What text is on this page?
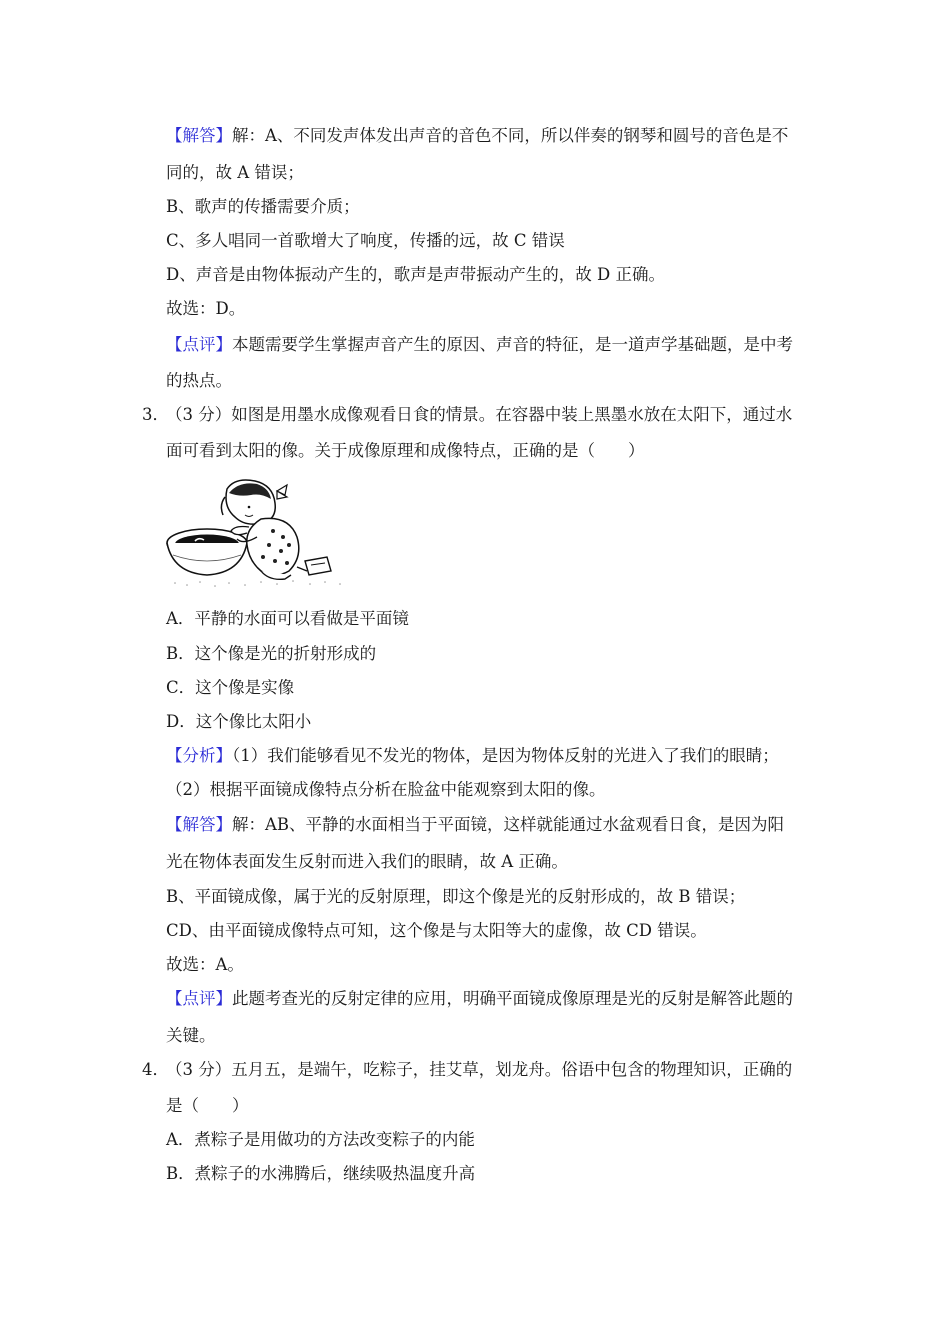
【解答】解：A、不同发声体发出声音的音色不同，所以伴奏的钢琴和圆号的音色是不
同的，故 A 错误；
B、歌声的传播需要介质；
C、多人唱同一首歌增大了响度，传播的远，故 C 错误
D、声音是由物体振动产生的，歌声是声带振动产生的，故 D 正确。
故选：D。
【点评】本题需要学生掌握声音产生的原因、声音的特征，是一道声学基础题，是中考
的热点。
3．
（3 分）如图是用墨水成像观看日食的情景。在容器中装上黑墨水放在太阳下，通过水
面可看到太阳的像。关于成像原理和成像特点，正确的是（　　）
A．平静的水面可以看做是平面镜
B．这个像是光的折射形成的
C．这个像是实像
D．这个像比太阳小
【分析】（1）我们能够看见不发光的物体，是因为物体反射的光进入了我们的眼睛；
（2）根据平面镜成像特点分析在脸盆中能观察到太阳的像。
【解答】解：AB、平静的水面相当于平面镜，这样就能通过水盆观看日食，是因为阳
光在物体表面发生反射而进入我们的眼睛，故 A 正确。
B、平面镜成像，属于光的反射原理，即这个像是光的反射形成的，故 B 错误；
CD、由平面镜成像特点可知，这个像是与太阳等大的虚像，故 CD 错误。
故选：A。
【点评】此题考查光的反射定律的应用，明确平面镜成像原理是光的反射是解答此题的
关键。
4．
（3 分）五月五，是端午，吃粽子，挂艾草，划龙舟。俗语中包含的物理知识，正确的
是（　　）
A．煮粽子是用做功的方法改变粽子的内能
B．煮粽子的水沸腾后，继续吸热温度升高
